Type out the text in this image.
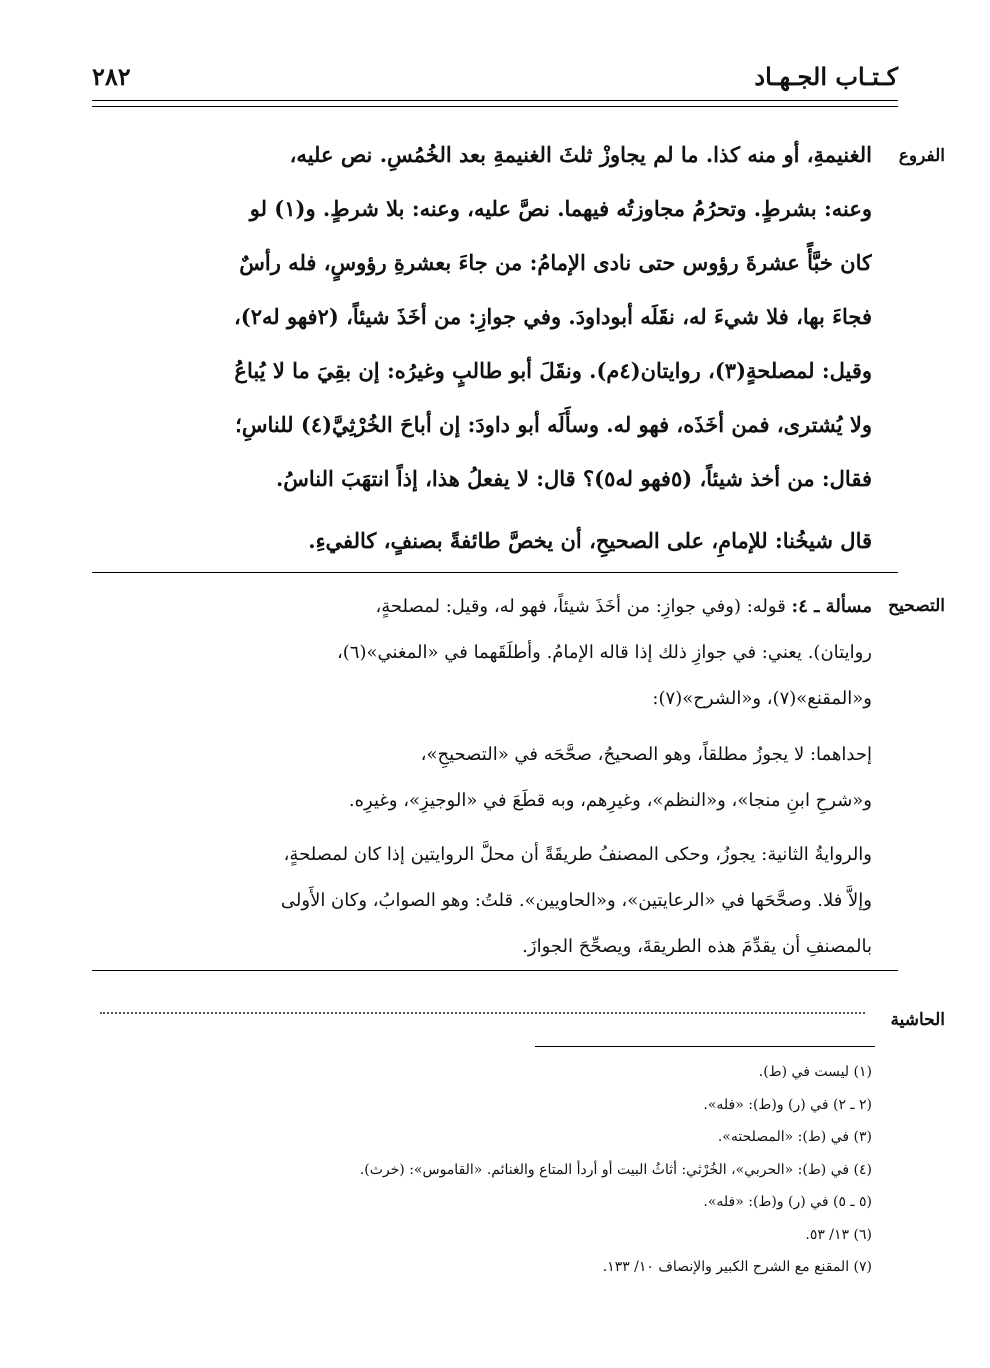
كـتـاب الجـهـاد
٢٨٢
الفروع
الغنيمةِ، أو منه كذا. ما لم يجاوزْ ثلثَ الغنيمةِ بعد الخُمُسِ. نص عليه،
وعنه: بشرطٍ. وتحرُمُ مجاوزتُه فيهما. نصَّ عليه، وعنه: بلا شرطٍ. و(١) لو
كان خبَّأً عشرةَ رؤوس حتى نادى الإمامُ: من جاءَ بعشرةِ رؤوسٍ، فله رأسٌ
فجاءَ بها، فلا شيءَ له، نقَلَه أبوداودَ. وفي جوازِ: من أخَذَ شيئاً، (٢فهو له٢)،
وقيل: لمصلحةٍ(٣)، روايتان(٤م). ونقَلَ أبو طالبٍ وغيرُه: إن بقِيَ ما لا يُباعُ
ولا يُشترى، فمن أخَذَه، فهو له. وسأَلَه أبو داودَ: إن أباحَ الخُرْثِيَّ(٤) للناسِ؛
فقال: من أخذ شيئاً، (٥فهو له٥)؟ قال: لا يفعلُ هذا، إذاً انتهَبَ الناسُ.
قال شيخُنا: للإمامِ، على الصحيحِ، أن يخصَّ طائفةً بصنفٍ، كالفيءِ.
التصحيح
مسألة ـ ٤: قوله: (وفي جوازِ: من أخَذَ شيئاً، فهو له، وقيل: لمصلحةٍ،
روايتان). يعني: في جوازِ ذلك إذا قاله الإمامُ. وأطلَقَهما في «المغني»(٦)،
و«المقنع»(٧)، و«الشرح»(٧):
إحداهما: لا يجوزُ مطلقاً، وهو الصحيحُ، صحَّحَه في «التصحيحِ»،
و«شرحِ ابنِ منجا»، و«النظم»، وغيرِهم، وبه قطَعَ في «الوجيزِ»، وغيرِه.
والروايةُ الثانية: يجوزُ، وحكى المصنفُ طريقَةً أن محلَّ الروايتين إذا كان لمصلحةٍ،
وإلاَّ فلا. وصحَّحَها في «الرعايتين»، و«الحاويين». قلتُ: وهو الصوابُ، وكان الأَولى
بالمصنفِ أن يقدِّمَ هذه الطريقةَ، ويصحِّحَ الجوازَ.
الحاشية
(١) ليست في (ط).
(٢ ـ ٢) في (ر) و(ط): «فله».
(٣) في (ط): «المصلحته».
(٤) في (ط): «الحربي»، الخُرْثي: أثاثُ البيت أو أردأ المتاع والغنائم. «القاموس»: (خرث).
(٥ ـ ٥) في (ر) و(ط): «فله».
(٦) ١٣/ ٥٣.
(٧) المقنع مع الشرح الكبير والإنصاف ١٠/ ١٣٣.
